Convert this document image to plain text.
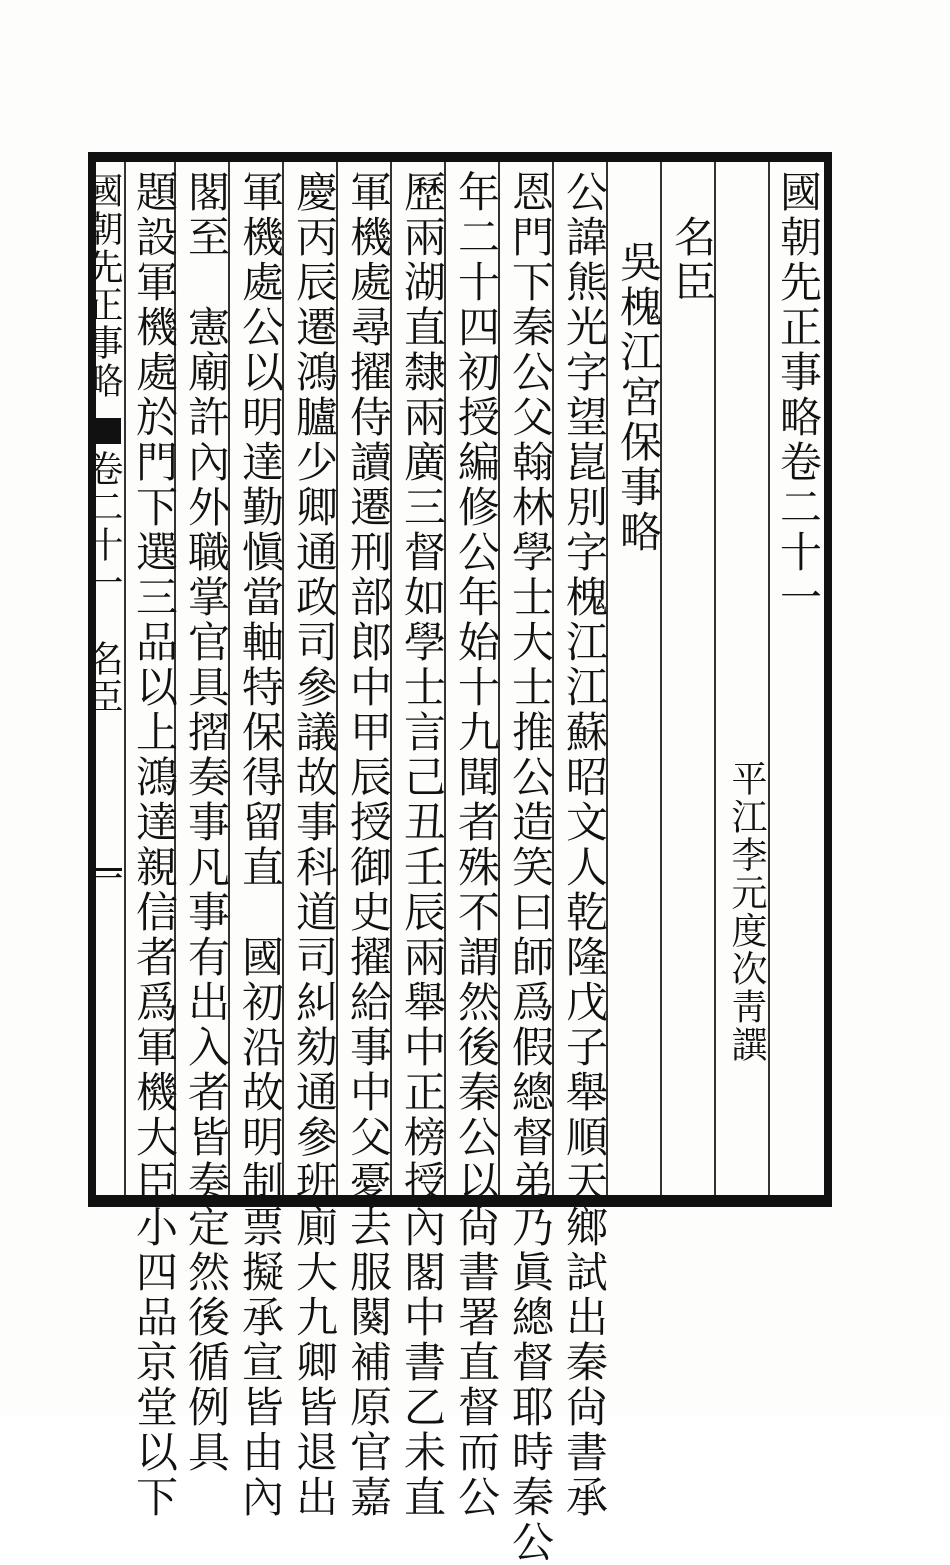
國朝先正事略卷二十一
平江李元度次靑譔
名臣
吳槐江宮保事略
公諱熊光字望崑別字槐江江蘇昭文人乾隆戊子舉順天鄉試出秦尙書承
恩門下秦公父翰林學士大士推公造笑曰師爲假總督弟乃眞總督耶時秦公
年二十四初授編修公年始十九聞者殊不謂然後秦公以尙書署直督而公
歷兩湖直隸兩廣三督如學士言己丑壬辰兩舉中正榜授內閣中書乙未直
軍機處尋擢侍讀遷刑部郎中甲辰授御史擢給事中父憂去服闋補原官嘉
慶丙辰遷鴻臚少卿通政司參議故事科道司糾劾通參班廁大九卿皆退出
軍機處公以明達勤愼當軸特保得留直　國初沿故明制票擬承宣皆由內
閣至　憲廟許內外職掌官具摺奏事凡事有出入者皆奏定然後循例具
題設軍機處於門下選三品以上鴻達親信者爲軍機大臣小四品京堂以下
國朝先正事略
卷二十一
名臣
一
